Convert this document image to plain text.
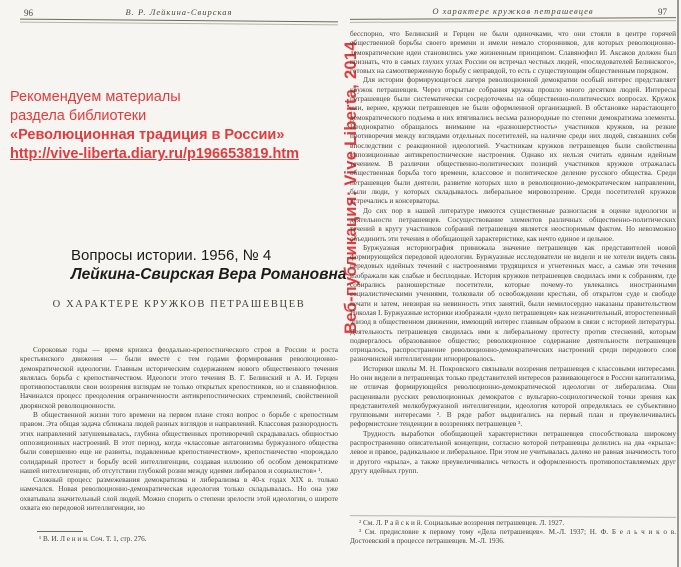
96	В. Р. Лейкина-Свирская
Рекомендуем материалы
раздела библиотеки
«Революционная традиция в России»
http://vive-liberta.diary.ru/p196653819.htm
Вопросы истории. 1956, № 4
Лейкина-Свирская Вера Романовна
О ХАРАКТЕРЕ КРУЖКОВ ПЕТРАШЕВЦЕВ

Сороковые годы — время кризиса феодально-крепостнического строя в России и роста крестьянского движения — были вместе с тем годами формирования революционно-демократической идеологии. Главным историческим содержанием нового общественного течения являлась борьба с крепостничеством. Идеологи этого течения В. Г. Белинский и А. И. Герцен противопоставляли свои воззрения взглядам не только открытых крепостников, но и славянофилов. Начинался процесс преодоления ограниченности антикрепостнических стремлений, свойственной дворянской революционности.

В общественной жизни того времени на первом плане стоял вопрос о борьбе с крепостным правом. Эта общая задача сближала людей разных взглядов и направлений. Классовая разнородность этих направлений затушевывалась, глубина общественных противоречий скрадывалась общностью оппозиционных настроений. В этот период, когда «классовые антагонизмы буржуазного общества были совершенно еще не развиты, подавленные крепостничеством», крепостничество «порождало солидарный протест и борьбу всей интеллигенции, создавая иллюзию об особом демократизме нашей интеллигенции, об отсутствии глубокой розни между идеями либералов и социалистов» ¹.

Сложный процесс размежевания демократизма и либерализма в 40-х годах XIX в. только намечался. Новая революционно-демократическая идеология только складывалась. Но она уже охватывала значительный слой людей. Можно спорить о степени зрелости этой идеологии, о широте охвата ею передовой интеллигенции, но

¹ В. И. Л е н и н. Соч. Т. 1, стр. 276.
О характере кружков петрашевцев	97
Веб-публикация: Vive Liberta, 2014

бесспорно, что Белинский и Герцен не были одиночками, что они стояли в центре горячей общественной борьбы своего времени и имели немало сторонников, для которых революционно-демократические идеи становились уже жизненным принципом. Славянофил И. Аксаков должен был признать, что в самых глухих углах России он встречал честных людей, «последователей Белинского», готовых на самоотверженную борьбу с неправдой, то есть с существующим общественным порядком.

Для истории формирующегося лагеря революционной демократии особый интерес представляет кружок петрашевцев. Через открытые собрания кружка прошло много десятков людей. Интересы петрашевцев были систематически сосредоточены на общественно-политических вопросах. Кружок или, вернее, кружки петрашевцев не были оформленной организацией. В обстановке нарастающего демократического подъема в них втягивались весьма разнородные по степени демократизма элементы. Неоднократно обращалось внимание на «разношерстность» участников кружков, на резкие противоречия между взглядами отдельных посетителей, на наличие среди них людей, связавших себя впоследствии с реакционной идеологией. Участникам кружков петрашевцев были свойственны оппозиционные антикрепостнические настроения. Однако их нельзя считать единым идейным течением. В различии общественно-политических позиций участников кружков отражалась общественная борьба того времени, классовое и политическое деление русского общества. Среди петрашевцев были деятели, развитие которых шло в революционно-демократическом направлении, были люди, у которых складывалось либеральное мировоззрение. Среди посетителей кружков встречались и консерваторы.

До сих пор в нашей литературе имеются существенные разногласия в оценке идеологии и деятельности петрашевцев. Сосуществование элементов различных общественно-политических течений в кругу участников собраний петрашевцев является неоспоримым фактом. Но невозможно объединить эти течения в обобщающей характеристике, как нечто единое и цельное.

Буржуазная историография принижала значение петрашевцев как представителей новой формирующейся передовой идеологии. Буржуазные исследователи не видели и не хотели видеть связь передовых идейных течений с настроениями трудящихся и угнетенных масс, а самые эти течения изображали как слабые и бесплодные. История кружков петрашевцев сводилась ими к собраниям, где собирались разношерстные посетители, которые почему-то увлекались иностранными социалистическими учениями, толковали об освобождении крестьян, об открытом суде и свободе печати и затем, невзирая на невинность этих занятий, были немилосердно наказаны правительством Николая I. Буржуазные историки изображали «дело петрашевцев» как незначительный, второстепенный эпизод в общественном движении, имеющий интерес главным образом в связи с историей литературы. Деятельность петрашевцев сводилась ими к либеральному протесту против стеснений, которым подвергалось образованное общество; революционное содержание деятельности петрашевцев отрицалось, распространение революционно-демократических настроений среди передового слоя разночинской интеллигенции игнорировалось.

Историки школы М. Н. Покровского связывали воззрения петрашевцев с классовыми интересами. Но они видели в петрашевцах только представителей интересов развивающегося в России капитализма, не отличая формирующейся революционно-демократической идеологии от либерализма. Они расценивали русских революционных демократов с вульгарно-социологической точки зрения как представителей мелкобуржуазной интеллигенции, идеология которой определялась ее субъективно групповыми интересами ². В ряде работ выдвигались на первый план и преувеличивались реформистские тенденции в воззрениях петрашевцев ³.

Трудность выработки обобщающей характеристики петрашевцев способствовала широкому распространению описательной концепции, согласно которой петрашевцы делились на два «крыла»: левое и правое, радикальное и либеральное. При этом не учитывалась далеко не равная значимость того и другого «крыла», а также преувеличивались четкость и оформленность противопоставляемых друг другу идейных групп.

² См. Л. Р а й с к и й. Социальные воззрения петрашевцев. Л. 1927.
³ См. предисловие к первому тому «Дела петрашевцев». М.-Л. 1937; Н. Ф. Б е л ь ч и к о в. Достоевский в процессе петрашевцев. М.-Л. 1936.
